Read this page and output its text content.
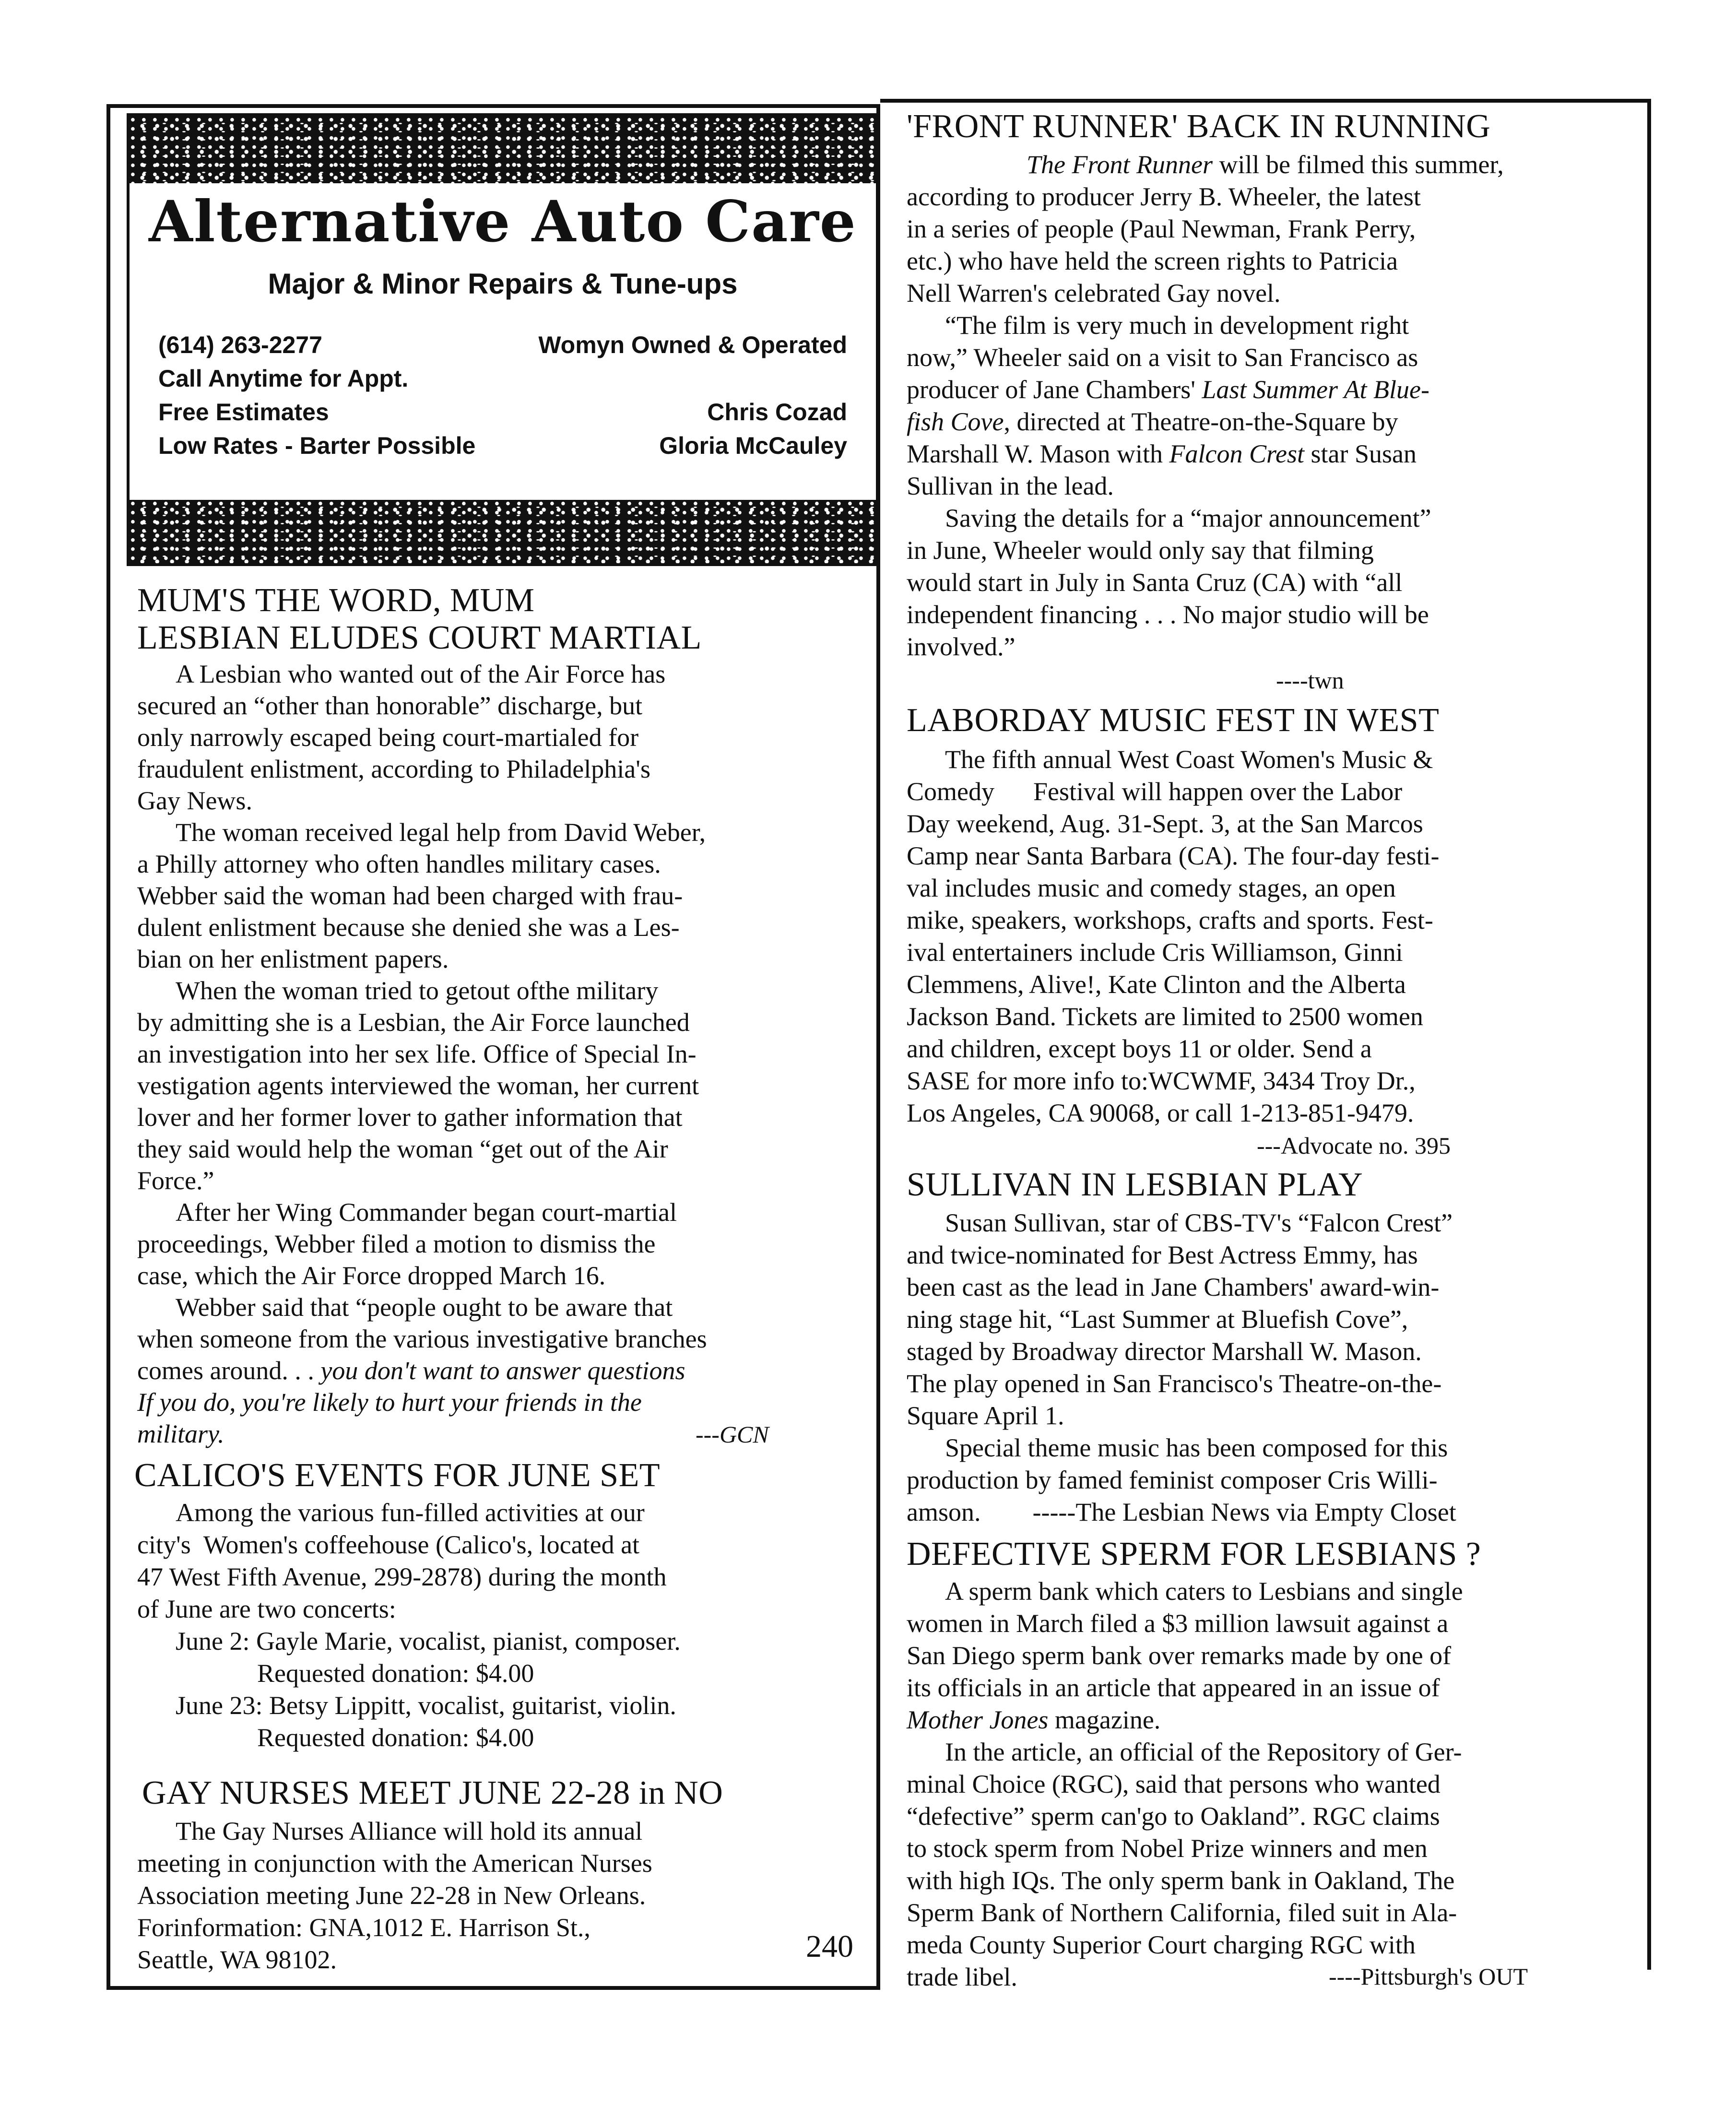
Alternative Auto Care
Major & Minor Repairs & Tune-ups
(614) 263-2277	Womyn Owned & Operated
Call Anytime for Appt.
Free Estimates	Chris Cozad
Low Rates - Barter Possible	Gloria McCauley
MUM'S THE WORD, MUM
LESBIAN ELUDES COURT MARTIAL
A Lesbian who wanted out of the Air Force has
secured an “other than honorable” discharge, but
only narrowly escaped being court-martialed for
fraudulent enlistment, according to Philadelphia's
Gay News.
The woman received legal help from David Weber,
a Philly attorney who often handles military cases.
Webber said the woman had been charged with frau-
dulent enlistment because she denied she was a Les-
bian on her enlistment papers.
When the woman tried to getout ofthe military
by admitting she is a Lesbian, the Air Force launched
an investigation into her sex life. Office of Special In-
vestigation agents interviewed the woman, her current
lover and her former lover to gather information that
they said would help the woman “get out of the Air
Force.”
After her Wing Commander began court-martial
proceedings, Webber filed a motion to dismiss the
case, which the Air Force dropped March 16.
Webber said that “people ought to be aware that
when someone from the various investigative branches
comes around. . . you don't want to answer questions
If you do, you're likely to hurt your friends in the
military.	---GCN
CALICO'S EVENTS FOR JUNE SET
Among the various fun-filled activities at our
city's  Women's coffeehouse (Calico's, located at
47 West Fifth Avenue, 299-2878) during the month
of June are two concerts:
June 2: Gayle Marie, vocalist, pianist, composer.
Requested donation: $4.00
June 23: Betsy Lippitt, vocalist, guitarist, violin.
Requested donation: $4.00
GAY NURSES MEET JUNE 22-28 in NO
The Gay Nurses Alliance will hold its annual
meeting in conjunction with the American Nurses
Association meeting June 22-28 in New Orleans.
Forinformation: GNA,1012 E. Harrison St.,
Seattle, WA 98102.	240
'FRONT RUNNER' BACK IN RUNNING
The Front Runner will be filmed this summer,
according to producer Jerry B. Wheeler, the latest
in a series of people (Paul Newman, Frank Perry,
etc.) who have held the screen rights to Patricia
Nell Warren's celebrated Gay novel.
“The film is very much in development right
now,” Wheeler said on a visit to San Francisco as
producer of Jane Chambers' Last Summer At Blue-
fish Cove, directed at Theatre-on-the-Square by
Marshall W. Mason with Falcon Crest star Susan
Sullivan in the lead.
Saving the details for a “major announcement”
in June, Wheeler would only say that filming
would start in July in Santa Cruz (CA) with “all
independent financing . . . No major studio will be
involved.”
----twn
LABORDAY MUSIC FEST IN WEST
The fifth annual West Coast Women's Music &
Comedy      Festival will happen over the Labor
Day weekend, Aug. 31-Sept. 3, at the San Marcos
Camp near Santa Barbara (CA). The four-day festi-
val includes music and comedy stages, an open
mike, speakers, workshops, crafts and sports. Fest-
ival entertainers include Cris Williamson, Ginni
Clemmens, Alive!, Kate Clinton and the Alberta
Jackson Band. Tickets are limited to 2500 women
and children, except boys 11 or older. Send a
SASE for more info to:WCWMF, 3434 Troy Dr.,
Los Angeles, CA 90068, or call 1-213-851-9479.
---Advocate no. 395
SULLIVAN IN LESBIAN PLAY
Susan Sullivan, star of CBS-TV's “Falcon Crest”
and twice-nominated for Best Actress Emmy, has
been cast as the lead in Jane Chambers' award-win-
ning stage hit, “Last Summer at Bluefish Cove”,
staged by Broadway director Marshall W. Mason.
The play opened in San Francisco's Theatre-on-the-
Square April 1.
Special theme music has been composed for this
production by famed feminist composer Cris Willi-
amson.        -----The Lesbian News via Empty Closet
DEFECTIVE SPERM FOR LESBIANS ?
A sperm bank which caters to Lesbians and single
women in March filed a $3 million lawsuit against a
San Diego sperm bank over remarks made by one of
its officials in an article that appeared in an issue of
Mother Jones magazine.
In the article, an official of the Repository of Ger-
minal Choice (RGC), said that persons who wanted
“defective” sperm can'go to Oakland”. RGC claims
to stock sperm from Nobel Prize winners and men
with high IQs. The only sperm bank in Oakland, The
Sperm Bank of Northern California, filed suit in Ala-
meda County Superior Court charging RGC with
trade libel.	----Pittsburgh's OUT
